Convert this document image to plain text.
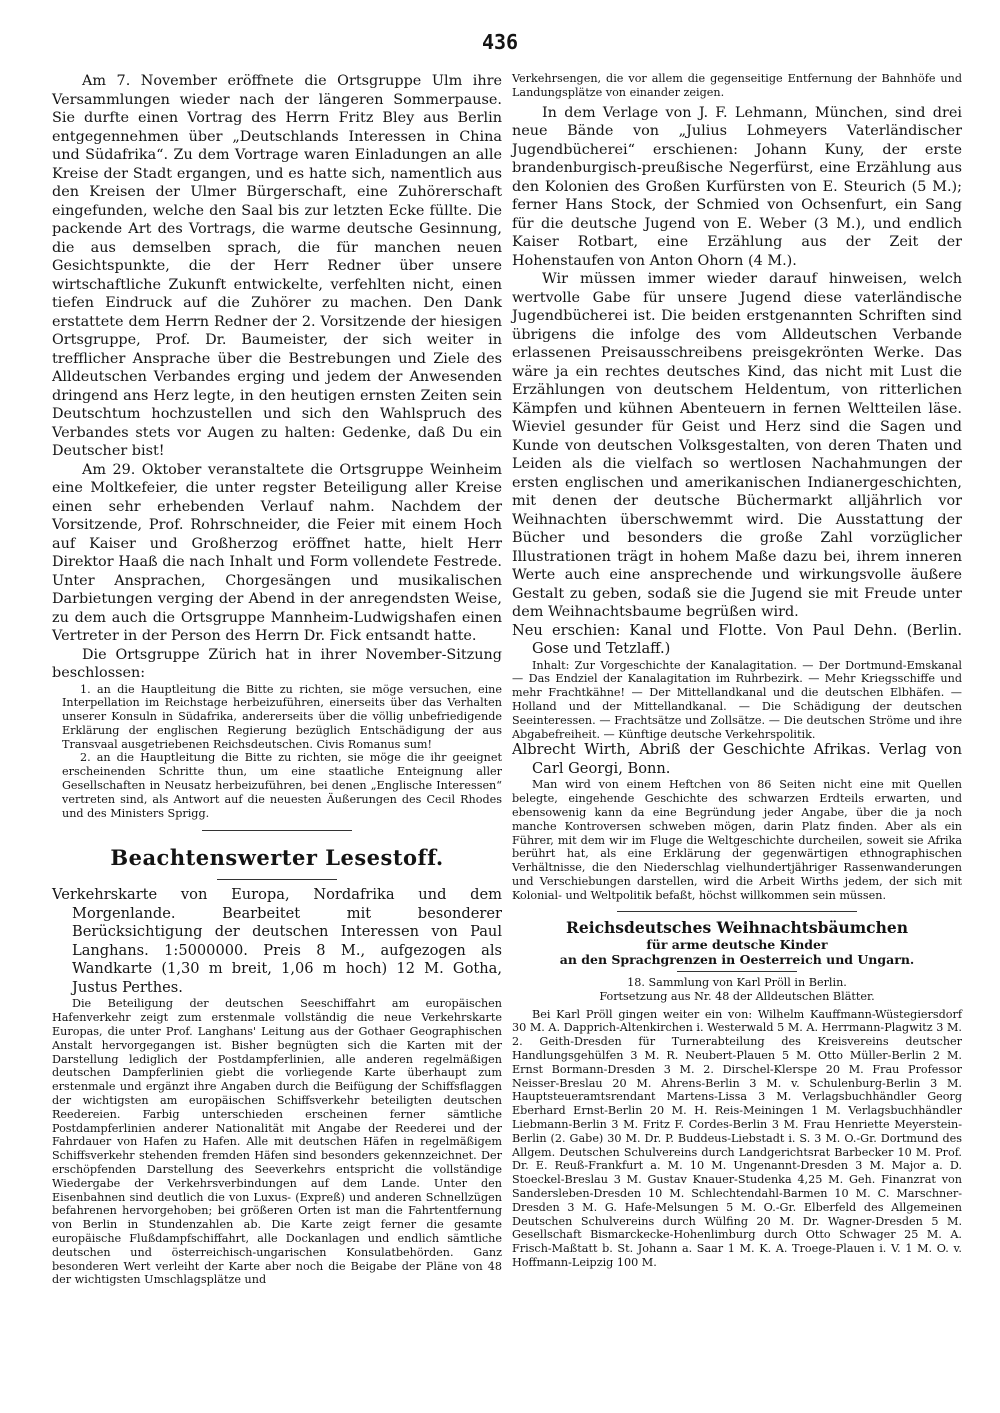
436

Am 7. November eröffnete die Ortsgruppe Ulm ihre Versammlungen wieder nach der längeren Sommerpause. Sie durfte einen Vortrag des Herrn Fritz Bley aus Berlin entgegennehmen über „Deutschlands Interessen in China und Südafrika“. Zu dem Vortrage waren Einladungen an alle Kreise der Stadt ergangen, und es hatte sich, namentlich aus den Kreisen der Ulmer Bürgerschaft, eine Zuhörerschaft eingefunden, welche den Saal bis zur letzten Ecke füllte. Die packende Art des Vortrags, die warme deutsche Gesinnung, die aus demselben sprach, die für manchen neuen Gesichtspunkte, die der Herr Redner über unsere wirtschaftliche Zukunft entwickelte, verfehlten nicht, einen tiefen Eindruck auf die Zuhörer zu machen. Den Dank erstattete dem Herrn Redner der 2. Vorsitzende der hiesigen Ortsgruppe, Prof. Dr. Baumeister, der sich weiter in trefflicher Ansprache über die Bestrebungen und Ziele des Alldeutschen Verbandes erging und jedem der Anwesenden dringend ans Herz legte, in den heutigen ernsten Zeiten sein Deutschtum hochzustellen und sich den Wahlspruch des Verbandes stets vor Augen zu halten: Gedenke, daß Du ein Deutscher bist!

Am 29. Oktober veranstaltete die Ortsgruppe Weinheim eine Moltkefeier, die unter regster Beteiligung aller Kreise einen sehr erhebenden Verlauf nahm. Nachdem der Vorsitzende, Prof. Rohrschneider, die Feier mit einem Hoch auf Kaiser und Großherzog eröffnet hatte, hielt Herr Direktor Haaß die nach Inhalt und Form vollendete Festrede. Unter Ansprachen, Chorgesängen und musikalischen Darbietungen verging der Abend in der anregendsten Weise, zu dem auch die Ortsgruppe Mannheim-Ludwigshafen einen Vertreter in der Person des Herrn Dr. Fick entsandt hatte.

Die Ortsgruppe Zürich hat in ihrer November-Sitzung beschlossen:

1. an die Hauptleitung die Bitte zu richten, sie möge versuchen, eine Interpellation im Reichstage herbeizuführen, einerseits über das Verhalten unserer Konsuln in Südafrika, andererseits über die völlig unbefriedigende Erklärung der englischen Regierung bezüglich Entschädigung der aus Transvaal ausgetriebenen Reichsdeutschen. Civis Romanus sum!

2. an die Hauptleitung die Bitte zu richten, sie möge die ihr geeignet erscheinenden Schritte thun, um eine staatliche Enteignung aller Gesellschaften in Neusatz herbeizuführen, bei denen „Englische Interessen“ vertreten sind, als Antwort auf die neuesten Äußerungen des Cecil Rhodes und des Ministers Sprigg.

Beachtenswerter Lesestoff.

Verkehrskarte von Europa, Nordafrika und dem Morgenlande. Bearbeitet mit besonderer Berücksichtigung der deutschen Interessen von Paul Langhans. 1:5000000. Preis 8 M., aufgezogen als Wandkarte (1,30 m breit, 1,06 m hoch) 12 M. Gotha, Justus Perthes.

Die Beteiligung der deutschen Seeschiffahrt am europäischen Hafenverkehr zeigt zum erstenmale vollständig die neue Verkehrskarte Europas, die unter Prof. Langhans' Leitung aus der Gothaer Geographischen Anstalt hervorgegangen ist. Bisher begnügten sich die Karten mit der Darstellung lediglich der Postdampferlinien, alle anderen regelmäßigen deutschen Dampferlinien giebt die vorliegende Karte überhaupt zum erstenmale und ergänzt ihre Angaben durch die Beifügung der Schiffsflaggen der wichtigsten am europäischen Schiffsverkehr beteiligten deutschen Reedereien. Farbig unterschieden erscheinen ferner sämtliche Postdampferlinien anderer Nationalität mit Angabe der Reederei und der Fahrdauer von Hafen zu Hafen. Alle mit deutschen Häfen in regelmäßigem Schiffsverkehr stehenden fremden Häfen sind besonders gekennzeichnet. Der erschöpfenden Darstellung des Seeverkehrs entspricht die vollständige Wiedergabe der Verkehrsverbindungen auf dem Lande. Unter den Eisenbahnen sind deutlich die von Luxus- (Expreß) und anderen Schnellzügen befahrenen hervorgehoben; bei größeren Orten ist man die Fahrtentfernung von Berlin in Stundenzahlen ab. Die Karte zeigt ferner die gesamte europäische Flußdampfschiffahrt, alle Dockanlagen und endlich sämtliche deutschen und österreichisch-ungarischen Konsulatbehörden. Ganz besonderen Wert verleiht der Karte aber noch die Beigabe der Pläne von 48 der wichtigsten Umschlagsplätze und

Verkehrsengen, die vor allem die gegenseitige Entfernung der Bahnhöfe und Landungsplätze von einander zeigen.

In dem Verlage von J. F. Lehmann, München, sind drei neue Bände von „Julius Lohmeyers Vaterländischer Jugendbücherei“ erschienen: Johann Kuny, der erste brandenburgisch-preußische Negerfürst, eine Erzählung aus den Kolonien des Großen Kurfürsten von E. Steurich (5 M.); ferner Hans Stock, der Schmied von Ochsenfurt, ein Sang für die deutsche Jugend von E. Weber (3 M.), und endlich Kaiser Rotbart, eine Erzählung aus der Zeit der Hohenstaufen von Anton Ohorn (4 M.).

Wir müssen immer wieder darauf hinweisen, welch wertvolle Gabe für unsere Jugend diese vaterländische Jugendbücherei ist. Die beiden erstgenannten Schriften sind übrigens die infolge des vom Alldeutschen Verbande erlassenen Preisausschreibens preisgekrönten Werke. Das wäre ja ein rechtes deutsches Kind, das nicht mit Lust die Erzählungen von deutschem Heldentum, von ritterlichen Kämpfen und kühnen Abenteuern in fernen Weltteilen läse. Wieviel gesunder für Geist und Herz sind die Sagen und Kunde von deutschen Volksgestalten, von deren Thaten und Leiden als die vielfach so wertlosen Nachahmungen der ersten englischen und amerikanischen Indianergeschichten, mit denen der deutsche Büchermarkt alljährlich vor Weihnachten überschwemmt wird. Die Ausstattung der Bücher und besonders die große Zahl vorzüglicher Illustrationen trägt in hohem Maße dazu bei, ihrem inneren Werte auch eine ansprechende und wirkungsvolle äußere Gestalt zu geben, sodaß sie die Jugend sie mit Freude unter dem Weihnachtsbaume begrüßen wird.

Neu erschien: Kanal und Flotte. Von Paul Dehn. (Berlin. Gose und Tetzlaff.)

Inhalt: Zur Vorgeschichte der Kanalagitation. — Der Dortmund-Emskanal — Das Endziel der Kanalagitation im Ruhrbezirk. — Mehr Kriegsschiffe und mehr Frachtkähne! — Der Mittellandkanal und die deutschen Elbhäfen. — Holland und der Mittellandkanal. — Die Schädigung der deutschen Seeinteressen. — Frachtsätze und Zollsätze. — Die deutschen Ströme und ihre Abgabefreiheit. — Künftige deutsche Verkehrspolitik.

Albrecht Wirth, Abriß der Geschichte Afrikas. Verlag von Carl Georgi, Bonn.

Man wird von einem Heftchen von 86 Seiten nicht eine mit Quellen belegte, eingehende Geschichte des schwarzen Erdteils erwarten, und ebensowenig kann da eine Begründung jeder Angabe, über die ja noch manche Kontroversen schweben mögen, darin Platz finden. Aber als ein Führer, mit dem wir im Fluge die Weltgeschichte durcheilen, soweit sie Afrika berührt hat, als eine Erklärung der gegenwärtigen ethnographischen Verhältnisse, die den Niederschlag vielhundertjähriger Rassenwanderungen und Verschiebungen darstellen, wird die Arbeit Wirths jedem, der sich mit Kolonial- und Weltpolitik befaßt, höchst willkommen sein müssen.

Reichsdeutsches Weihnachtsbäumchen
für arme deutsche Kinder
an den Sprachgrenzen in Oesterreich und Ungarn.
18. Sammlung von Karl Pröll in Berlin.
Fortsetzung aus Nr. 48 der Alldeutschen Blätter.

Bei Karl Pröll gingen weiter ein von: Wilhelm Kauffmann-Wüstegiersdorf 30 M. A. Dapprich-Altenkirchen i. Westerwald 5 M. A. Herrmann-Plagwitz 3 M. 2. Geith-Dresden für Turnerabteilung des Kreisvereins deutscher Handlungsgehülfen 3 M. R. Neubert-Plauen 5 M. Otto Müller-Berlin 2 M. Ernst Bormann-Dresden 3 M. 2. Dirschel-Klerspe 20 M. Frau Professor Neisser-Breslau 20 M. Ahrens-Berlin 3 M. v. Schulenburg-Berlin 3 M. Hauptsteueramtsrendant Martens-Lissa 3 M. Verlagsbuchhändler Georg Eberhard Ernst-Berlin 20 M. H. Reis-Meiningen 1 M. Verlagsbuchhändler Liebmann-Berlin 3 M. Fritz F. Cordes-Berlin 3 M. Frau Henriette Meyerstein-Berlin (2. Gabe) 30 M. Dr. P. Buddeus-Liebstadt i. S. 3 M. O.-Gr. Dortmund des Allgem. Deutschen Schulvereins durch Landgerichtsrat Barbecker 10 M. Prof. Dr. E. Reuß-Frankfurt a. M. 10 M. Ungenannt-Dresden 3 M. Major a. D. Stoeckel-Breslau 3 M. Gustav Knauer-Studenka 4,25 M. Geh. Finanzrat von Sandersleben-Dresden 10 M. Schlechtendahl-Barmen 10 M. C. Marschner-Dresden 3 M. G. Hafe-Melsungen 5 M. O.-Gr. Elberfeld des Allgemeinen Deutschen Schulvereins durch Wülfing 20 M. Dr. Wagner-Dresden 5 M. Gesellschaft Bismarckecke-Hohenlimburg durch Otto Schwager 25 M. A. Frisch-Maßtatt b. St. Johann a. Saar 1 M. K. A. Troege-Plauen i. V. 1 M. O. v. Hoffmann-Leipzig 100 M.
